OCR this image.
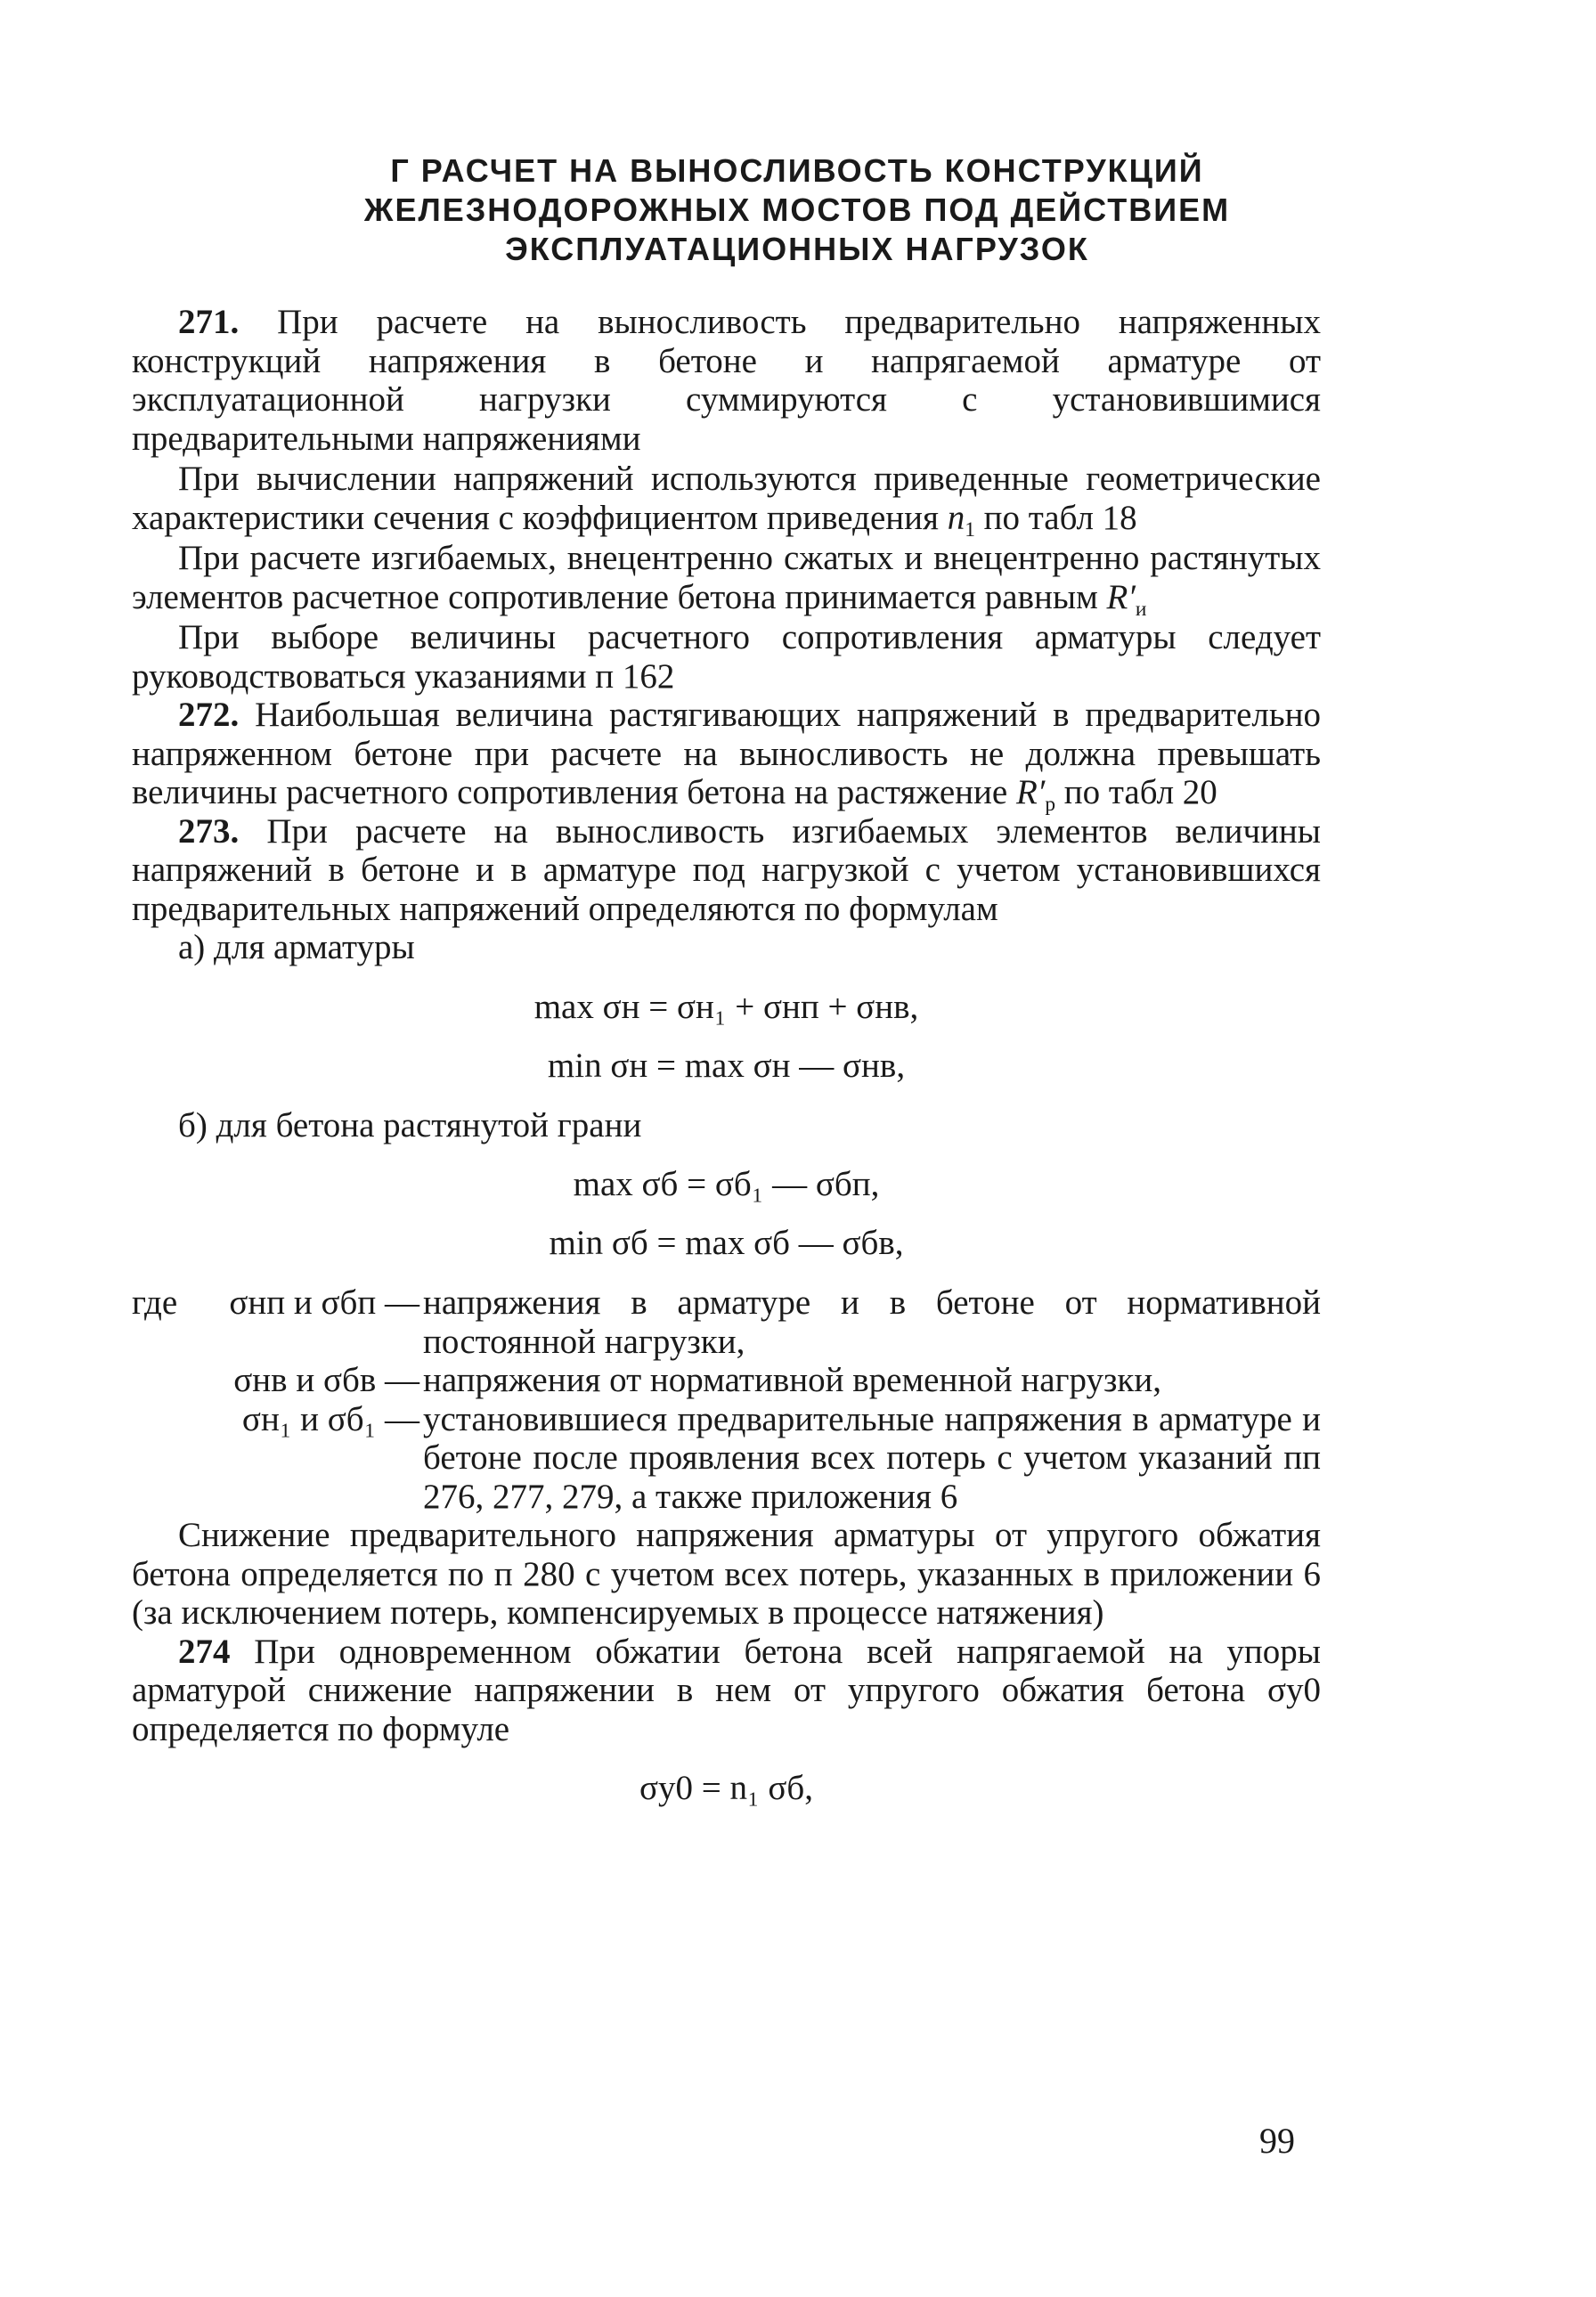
Г РАСЧЕТ НА ВЫНОСЛИВОСТЬ КОНСТРУКЦИЙ
ЖЕЛЕЗНОДОРОЖНЫХ МОСТОВ ПОД ДЕЙСТВИЕМ
ЭКСПЛУАТАЦИОННЫХ НАГРУЗОК

271. При расчете на выносливость предварительно напряженных конструкций напряжения в бетоне и напрягаемой арматуре от эксплуатационной нагрузки суммируются с установившимися предварительными напряжениями

При вычислении напряжений используются приведенные геометрические характеристики сечения с коэффициентом приведения $n_1$ по табл 18

При расчете изгибаемых, внецентренно сжатых и внецентренно растянутых элементов расчетное сопротивление бетона принимается равным $R'_и$

При выборе величины расчетного сопротивления арматуры следует руководствоваться указаниями п 162

272. Наибольшая величина растягивающих напряжений в предварительно напряженном бетоне при расчете на выносливость не должна превышать величины расчетного сопротивления бетона на растяжение $R'_р$ по табл 20

273. При расчете на выносливость изгибаемых элементов величины напряжений в бетоне и в арматуре под нагрузкой с учетом установившихся предварительных напряжений определяются по формулам

а) для арматуры

max σн = σн₁ + σнп + σнв,
min σн = max σн — σнв,

б) для бетона растянутой грани

max σб = σб₁ — σбп,
min σб = max σб — σбв,
где σнп и σбп — напряжения в арматуре и в бетоне от нормативной постоянной нагрузки,
σнв и σбв — напряжения от нормативной временной нагрузки,
σн₁ и σб₁ — установившиеся предварительные напряжения в арматуре и бетоне после проявления всех потерь с учетом указаний пп 276, 277, 279, а также приложения 6

Снижение предварительного напряжения арматуры от упругого обжатия бетона определяется по п 280 с учетом всех потерь, указанных в приложении 6 (за исключением потерь, компенсируемых в процессе натяжения)

274 При одновременном обжатии бетона всей напрягаемой на упоры арматурой снижение напряжении в нем от упругого обжатия бетона σу0 определяется по формуле

σу0 = n₁ σб,
99
